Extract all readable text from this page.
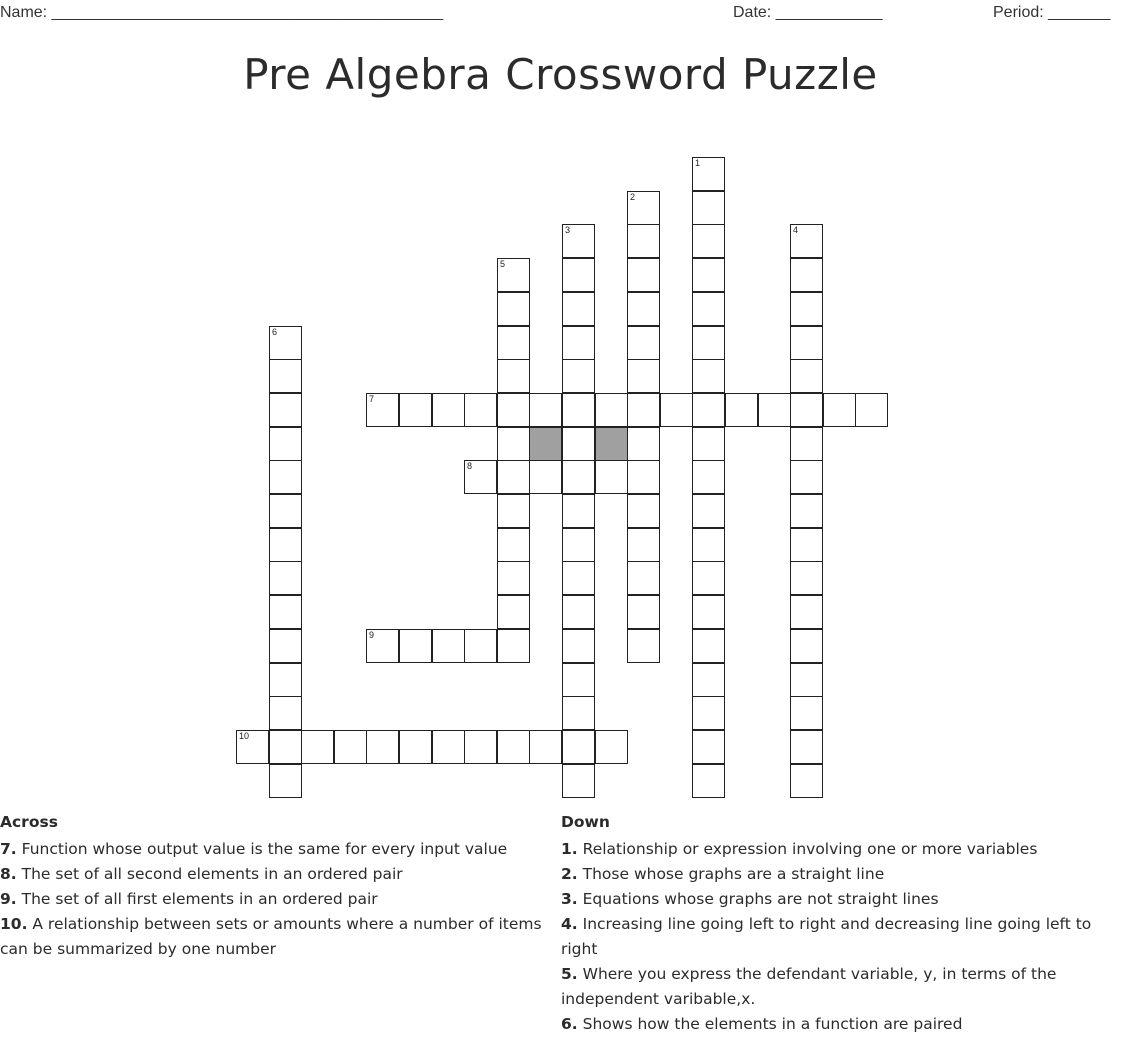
Name: ____________________________________________	Date: ____________	Period: _______
Pre Algebra Crossword Puzzle
1
2
3	4
5
6
7
8
9
10
Across

7. Function whose output value is the same for every input value

8. The set of all second elements in an ordered pair

9. The set of all first elements in an ordered pair

10. A relationship between sets or amounts where a number of items can be summarized by one number

Down

1. Relationship or expression involving one or more variables

2. Those whose graphs are a straight line

3. Equations whose graphs are not straight lines

4. Increasing line going left to right and decreasing line going left to right

5. Where you express the defendant variable, y, in terms of the independent varibable,x.

6. Shows how the elements in a function are paired
